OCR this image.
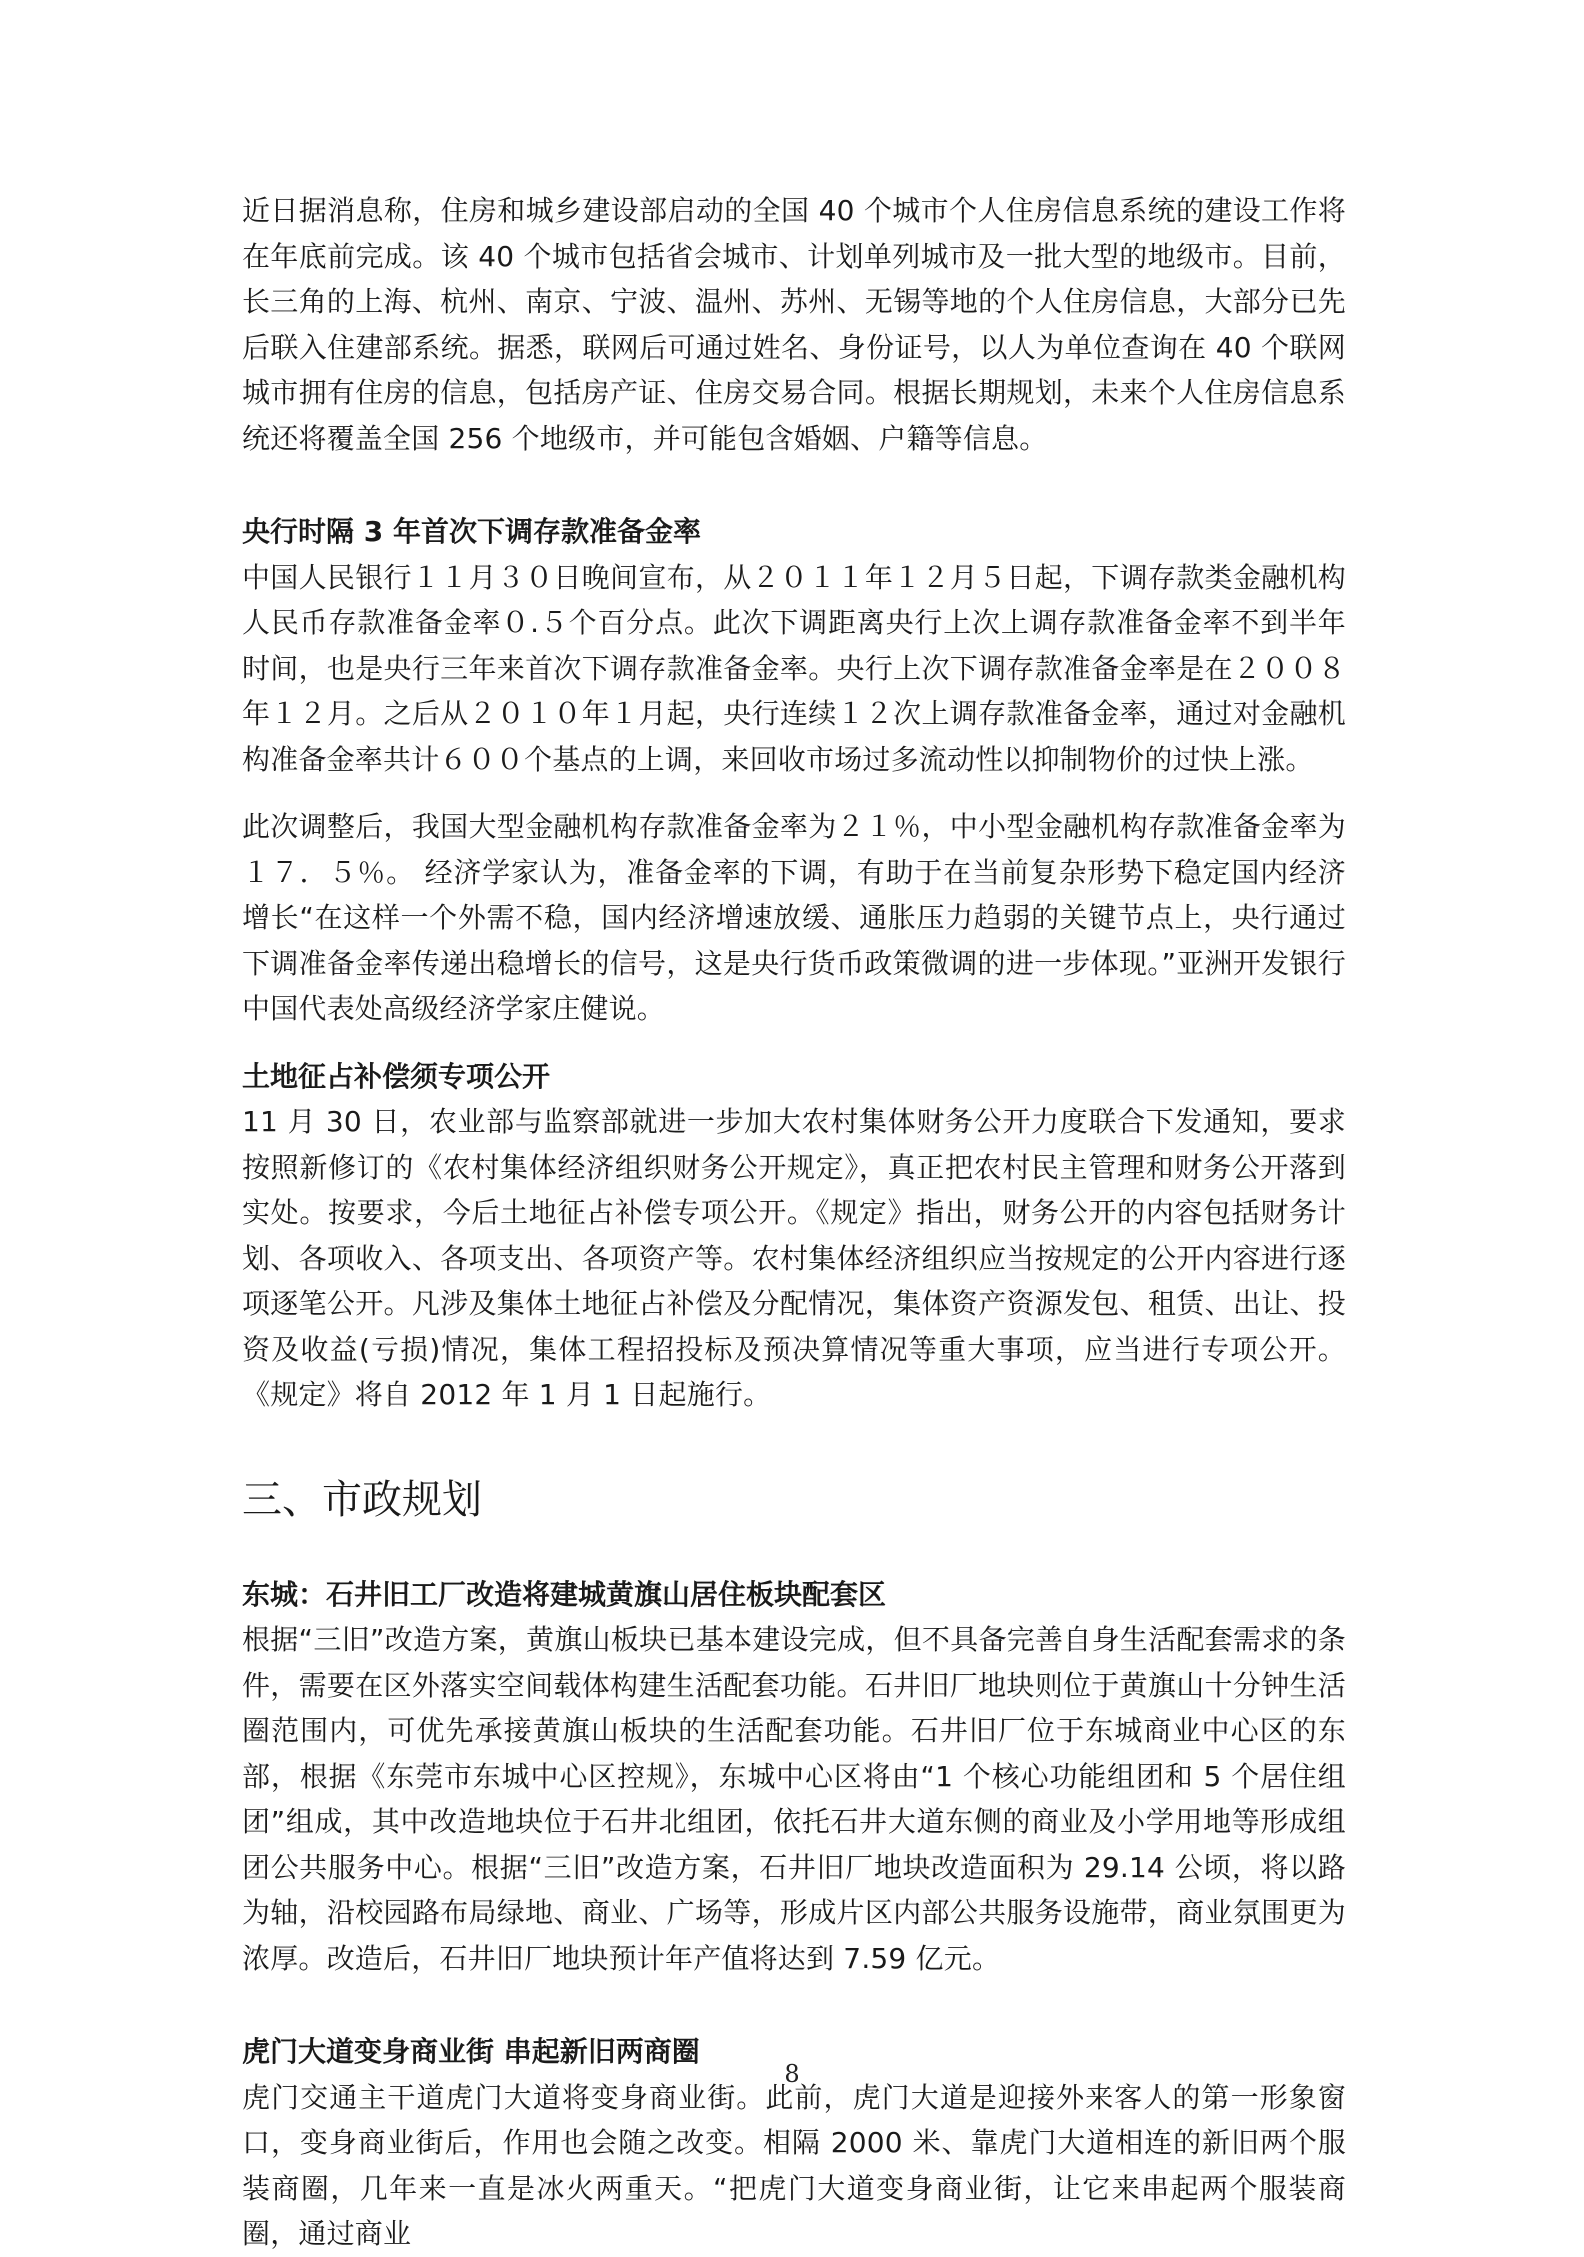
近日据消息称，住房和城乡建设部启动的全国 40 个城市个人住房信息系统的建设工作将在年底前完成。该 40 个城市包括省会城市、计划单列城市及一批大型的地级市。目前，长三角的上海、杭州、南京、宁波、温州、苏州、无锡等地的个人住房信息，大部分已先后联入住建部系统。据悉，联网后可通过姓名、身份证号，以人为单位查询在 40 个联网城市拥有住房的信息，包括房产证、住房交易合同。根据长期规划，未来个人住房信息系统还将覆盖全国 256 个地级市，并可能包含婚姻、户籍等信息。

央行时隔 3 年首次下调存款准备金率

中国人民银行１１月３０日晚间宣布，从２０１１年１２月５日起，下调存款类金融机构人民币存款准备金率０.５个百分点。此次下调距离央行上次上调存款准备金率不到半年时间，也是央行三年来首次下调存款准备金率。央行上次下调存款准备金率是在２００８年１２月。之后从２０１０年１月起，央行连续１２次上调存款准备金率，通过对金融机构准备金率共计６００个基点的上调，来回收市场过多流动性以抑制物价的过快上涨。

此次调整后，我国大型金融机构存款准备金率为２１％，中小型金融机构存款准备金率为１７．５％。 经济学家认为，准备金率的下调，有助于在当前复杂形势下稳定国内经济增长“在这样一个外需不稳，国内经济增速放缓、通胀压力趋弱的关键节点上，央行通过下调准备金率传递出稳增长的信号，这是央行货币政策微调的进一步体现。”亚洲开发银行中国代表处高级经济学家庄健说。

土地征占补偿须专项公开

11 月 30 日，农业部与监察部就进一步加大农村集体财务公开力度联合下发通知，要求按照新修订的《农村集体经济组织财务公开规定》，真正把农村民主管理和财务公开落到实处。按要求，今后土地征占补偿专项公开。《规定》指出，财务公开的内容包括财务计划、各项收入、各项支出、各项资产等。农村集体经济组织应当按规定的公开内容进行逐项逐笔公开。凡涉及集体土地征占补偿及分配情况，集体资产资源发包、租赁、出让、投资及收益(亏损)情况，集体工程招投标及预决算情况等重大事项，应当进行专项公开。《规定》将自 2012 年 1 月 1 日起施行。

三、市政规划

东城：石井旧工厂改造将建城黄旗山居住板块配套区

根据“三旧”改造方案，黄旗山板块已基本建设完成，但不具备完善自身生活配套需求的条件，需要在区外落实空间载体构建生活配套功能。石井旧厂地块则位于黄旗山十分钟生活圈范围内，可优先承接黄旗山板块的生活配套功能。石井旧厂位于东城商业中心区的东部，根据《东莞市东城中心区控规》，东城中心区将由“1 个核心功能组团和 5 个居住组团”组成，其中改造地块位于石井北组团，依托石井大道东侧的商业及小学用地等形成组团公共服务中心。根据“三旧”改造方案，石井旧厂地块改造面积为 29.14 公顷，将以路为轴，沿校园路布局绿地、商业、广场等，形成片区内部公共服务设施带，商业氛围更为浓厚。改造后，石井旧厂地块预计年产值将达到 7.59 亿元。

虎门大道变身商业街 串起新旧两商圈

虎门交通主干道虎门大道将变身商业街。此前，虎门大道是迎接外来客人的第一形象窗口，变身商业街后，作用也会随之改变。相隔 2000 米、靠虎门大道相连的新旧两个服装商圈，几年来一直是冰火两重天。“把虎门大道变身商业街，让它来串起两个服装商圈，通过商业

8
